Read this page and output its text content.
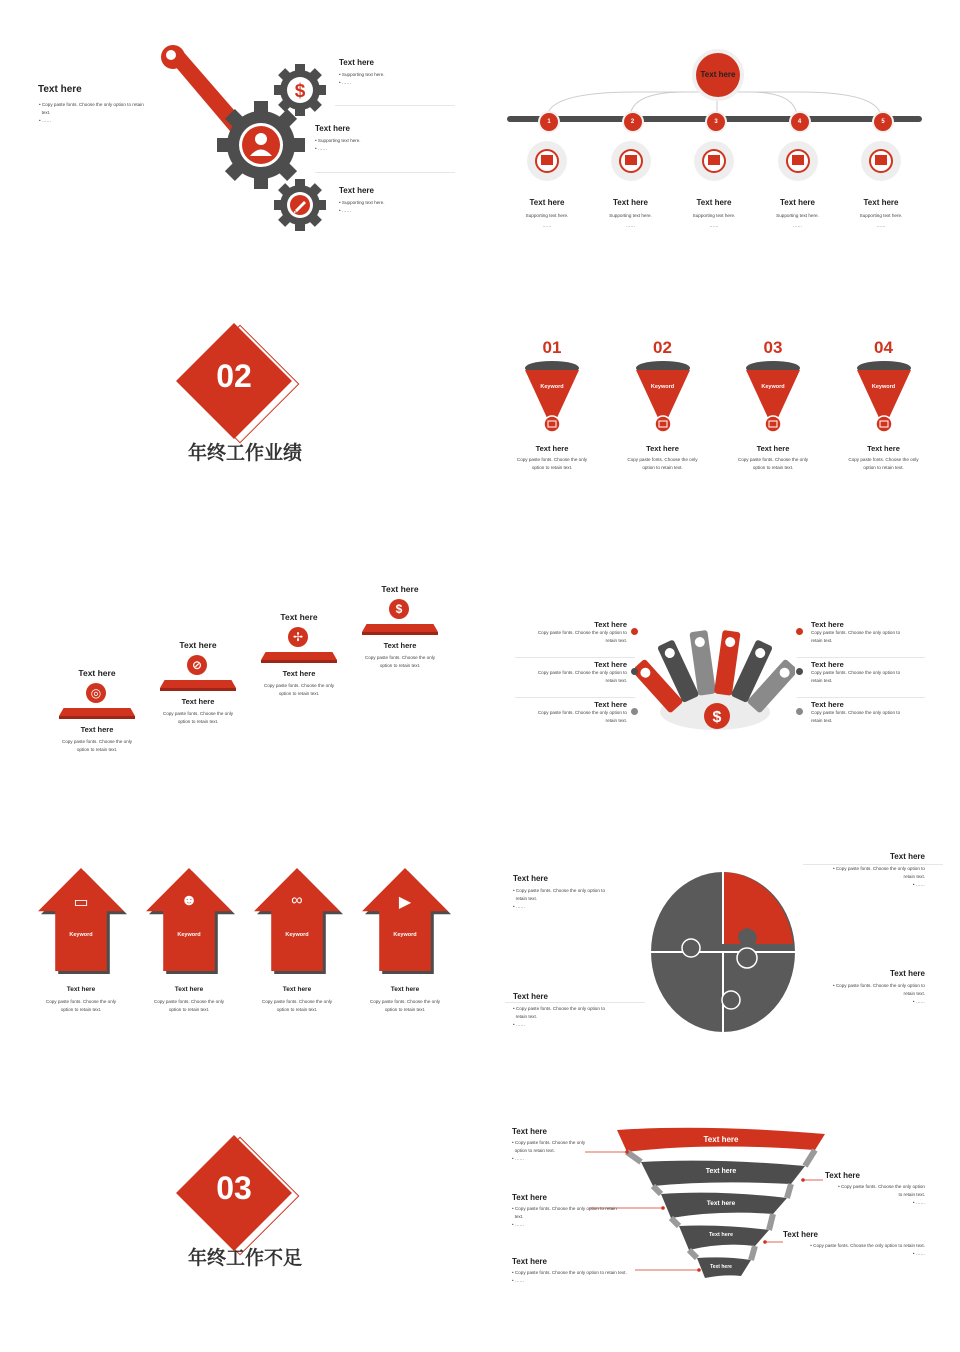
Text here
• Copy paste fonts. Choose the only option to retain
text.
• ……
$
Text here
• Supporting text here.
• ……
Text here
• Supporting text here.
• ……
Text here
• Supporting text here.
• ……
Text here
1
Text here
Supporting text here.
……
2
Text here
Supporting text here.
……
3
Text here
Supporting text here.
……
4
Text here
Supporting text here.
……
5
Text here
Supporting text here.
……
02
年终工作业绩
01
Keyword
Text here
Copy paste fonts. Choose the only
option to retain text.
02
Keyword
Text here
Copy paste fonts. Choose the only
option to retain text.
03
Keyword
Text here
Copy paste fonts. Choose the only
option to retain text.
04
Keyword
Text here
Copy paste fonts. Choose the only
option to retain text.
Text here
◎
Text here
Copy paste fonts. Choose the only
option to retain text.
Text here
⊘
Text here
Copy paste fonts. Choose the only
option to retain text.
Text here
✢
Text here
Copy paste fonts. Choose the only
option to retain text.
Text here
$
Text here
Copy paste fonts. Choose the only
option to retain text.
$
Text here
Copy paste fonts. Choose the only option to
retain text.
Text here
Copy paste fonts. Choose the only option to
retain text.
Text here
Copy paste fonts. Choose the only option to
retain text.
Text here
Copy paste fonts. Choose the only option to
retain text.
Text here
Copy paste fonts. Choose the only option to
retain text.
Text here
Copy paste fonts. Choose the only option to
retain text.
▭
Keyword
Text here
Copy paste fonts. Choose the only
option to retain text.
☻
Keyword
Text here
Copy paste fonts. Choose the only
option to retain text.
∞
Keyword
Text here
Copy paste fonts. Choose the only
option to retain text.
▶
Keyword
Text here
Copy paste fonts. Choose the only
option to retain text.
Text here
• Copy paste fonts. Choose the only option to
retain text.
• ……
Text here
• Copy paste fonts. Choose the only option to
retain text.
• ……
Text here
• Copy paste fonts. Choose the only option to
retain text.
• ……
Text here
• Copy paste fonts. Choose the only option to
retain text.
• ……
03
年终工作不足
Text here
Text here
Text here
Text here
Text here
Text here
• Copy paste fonts. Choose the only
option to retain text.
• ……
Text here
• Copy paste fonts. Choose the only option to retain
text.
• ……
Text here
• Copy paste fonts. Choose the only option to retain text.
• ……
Text here
• Copy paste fonts. Choose the only option
to retain text.
• ……
Text here
• Copy paste fonts. Choose the only option to retain text.
• ……
